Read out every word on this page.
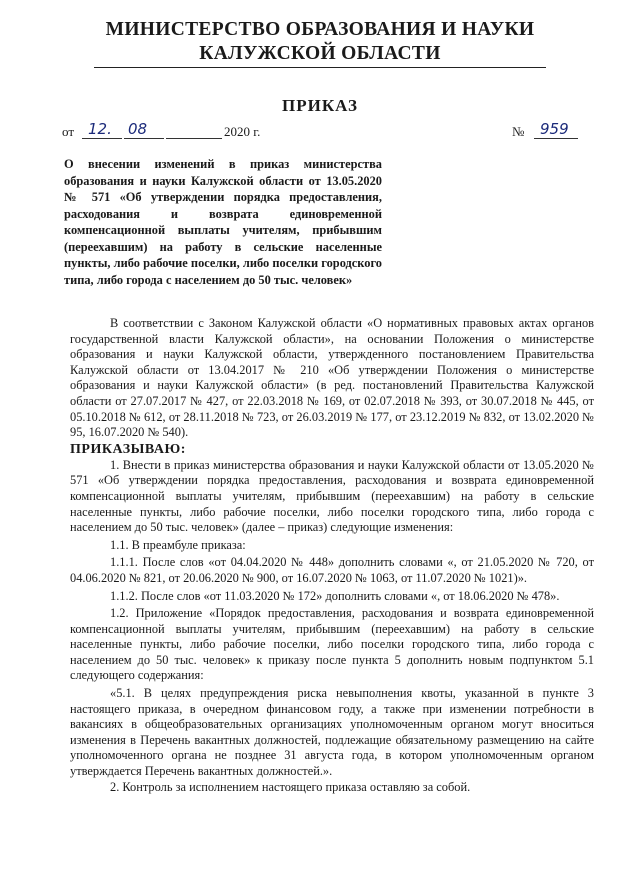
МИНИСТЕРСТВО ОБРАЗОВАНИЯ И НАУКИ
КАЛУЖСКОЙ ОБЛАСТИ
ПРИКАЗ
от 12. 08	2020 г.	№ 959
О внесении изменений в приказ министерства образования и науки Калужской области от 13.05.2020 № 571 «Об утверждении порядка предоставления, расходования и возврата единовременной компенсационной выплаты учителям, прибывшим (переехавшим) на работу в сельские населенные пункты, либо рабочие поселки, либо поселки городского типа, либо города с населением до 50 тыс. человек»

В соответствии с Законом Калужской области «О нормативных правовых актах органов государственной власти Калужской области», на основании Положения о министерстве образования и науки Калужской области, утвержденного постановлением Правительства Калужской области от 13.04.2017 № 210 «Об утверждении Положения о министерстве образования и науки Калужской области» (в ред. постановлений Правительства Калужской области от 27.07.2017 № 427, от 22.03.2018 № 169, от 02.07.2018 № 393, от 30.07.2018 № 445, от 05.10.2018 № 612, от 28.11.2018 № 723, от 26.03.2019 № 177, от 23.12.2019 № 832, от 13.02.2020 № 95, 16.07.2020 № 540).

ПРИКАЗЫВАЮ:

1. Внести в приказ министерства образования и науки Калужской области от 13.05.2020 № 571 «Об утверждении порядка предоставления, расходования и возврата единовременной компенсационной выплаты учителям, прибывшим (переехавшим) на работу в сельские населенные пункты, либо рабочие поселки, либо поселки городского типа, либо города с населением до 50 тыс. человек» (далее – приказ) следующие изменения:

1.1. В преамбуле приказа:

1.1.1. После слов «от 04.04.2020 № 448» дополнить словами «, от 21.05.2020 № 720, от 04.06.2020 № 821, от 20.06.2020 № 900, от 16.07.2020 № 1063, от 11.07.2020 № 1021)».

1.1.2. После слов «от 11.03.2020 № 172» дополнить словами «, от 18.06.2020 № 478».

1.2. Приложение «Порядок предоставления, расходования и возврата единовременной компенсационной выплаты учителям, прибывшим (переехавшим) на работу в сельские населенные пункты, либо рабочие поселки, либо поселки городского типа, либо города с населением до 50 тыс. человек» к приказу после пункта 5 дополнить новым подпунктом 5.1 следующего содержания:

«5.1. В целях предупреждения риска невыполнения квоты, указанной в пункте 3 настоящего приказа, в очередном финансовом году, а также при изменении потребности в вакансиях в общеобразовательных организациях уполномоченным органом могут вноситься изменения в Перечень вакантных должностей, подлежащие обязательному размещению на сайте уполномоченного органа не позднее 31 августа года, в котором уполномоченным органом утверждается Перечень вакантных должностей.».

2. Контроль за исполнением настоящего приказа оставляю за собой.
